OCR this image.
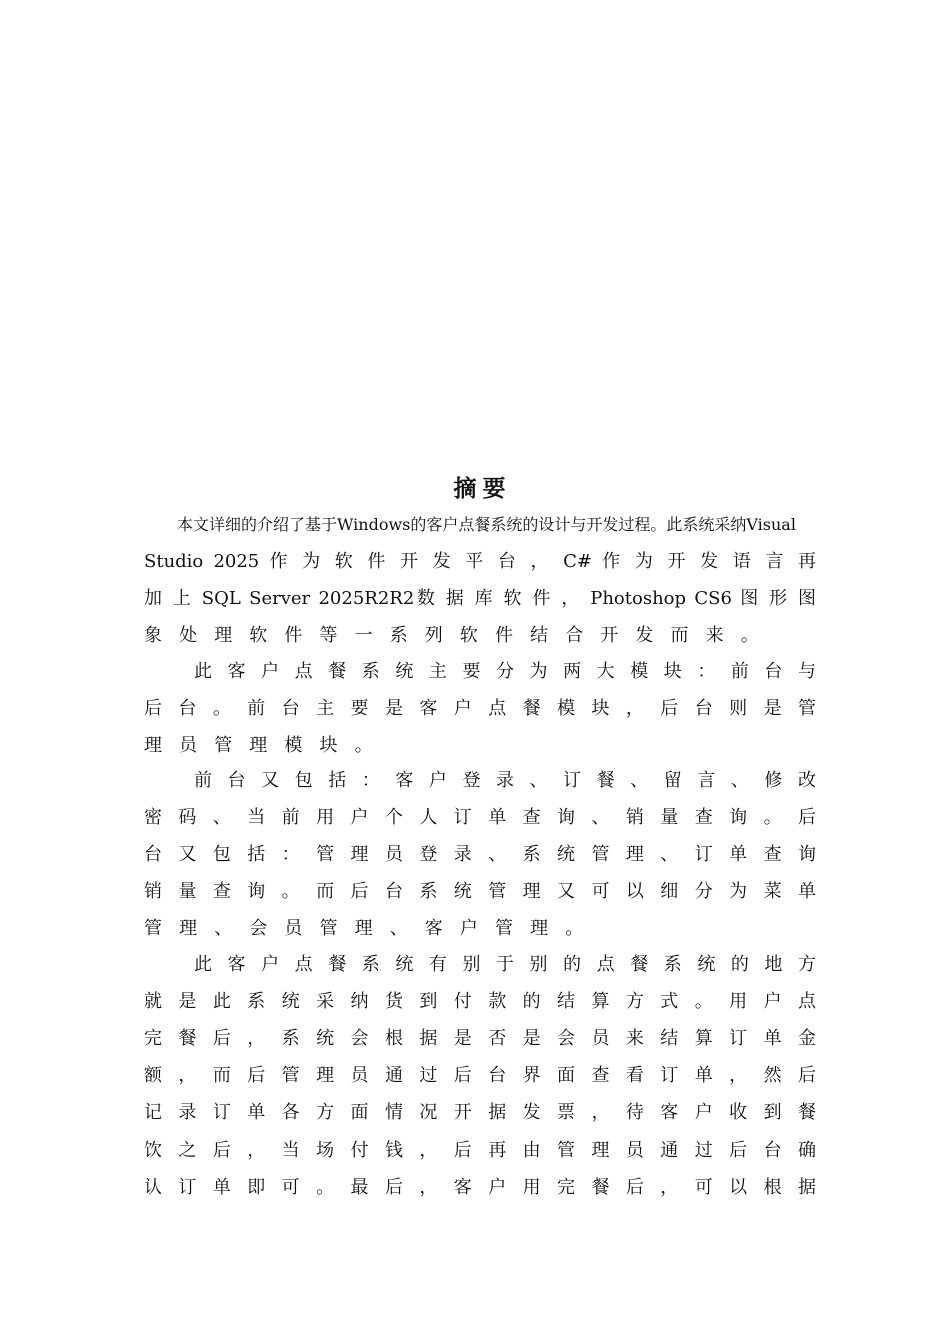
摘要

本文详细的介绍了基于Windows的客户点餐系统的设计与开发过程。此系统采纳Visual

Studio 2025 作 为 软 件 开 发 平 台 ， C# 作 为 开 发 语 言 再

加 上 SQL Server 2025R2R2数 据 库 软 件 ， Photoshop CS6 图 形 图

象处理软件等一系列软件结合开发而来。

此 客 户 点 餐 系 统 主 要 分 为 两 大 模 块 ： 前 台 与

后 台 。 前 台 主 要 是 客 户 点 餐 模 块 ， 后 台 则 是 管

理员管理模块。

前 台 又 包 括 ： 客 户 登 录 、 订 餐 、 留 言 、 修 改

密 码 、 当 前 用 户 个 人 订 单 查 询 、 销 量 查 询 。 后

台 又 包 括 ： 管 理 员 登 录 、 系 统 管 理 、 订 单 查 询

销 量 查 询 。 而 后 台 系 统 管 理 又 可 以 细 分 为 菜 单

管理、会员管理、客户管理。

此 客 户 点 餐 系 统 有 别 于 别 的 点 餐 系 统 的 地 方

就 是 此 系 统 采 纳 货 到 付 款 的 结 算 方 式 。 用 户 点

完 餐 后 ， 系 统 会 根 据 是 否 是 会 员 来 结 算 订 单 金

额 ， 而 后 管 理 员 通 过 后 台 界 面 查 看 订 单 ， 然 后

记 录 订 单 各 方 面 情 况 开 据 发 票 ， 待 客 户 收 到 餐

饮 之 后 ， 当 场 付 钱 ， 后 再 由 管 理 员 通 过 后 台 确

认 订 单 即 可 。 最 后 ， 客 户 用 完 餐 后 ， 可 以 根 据
